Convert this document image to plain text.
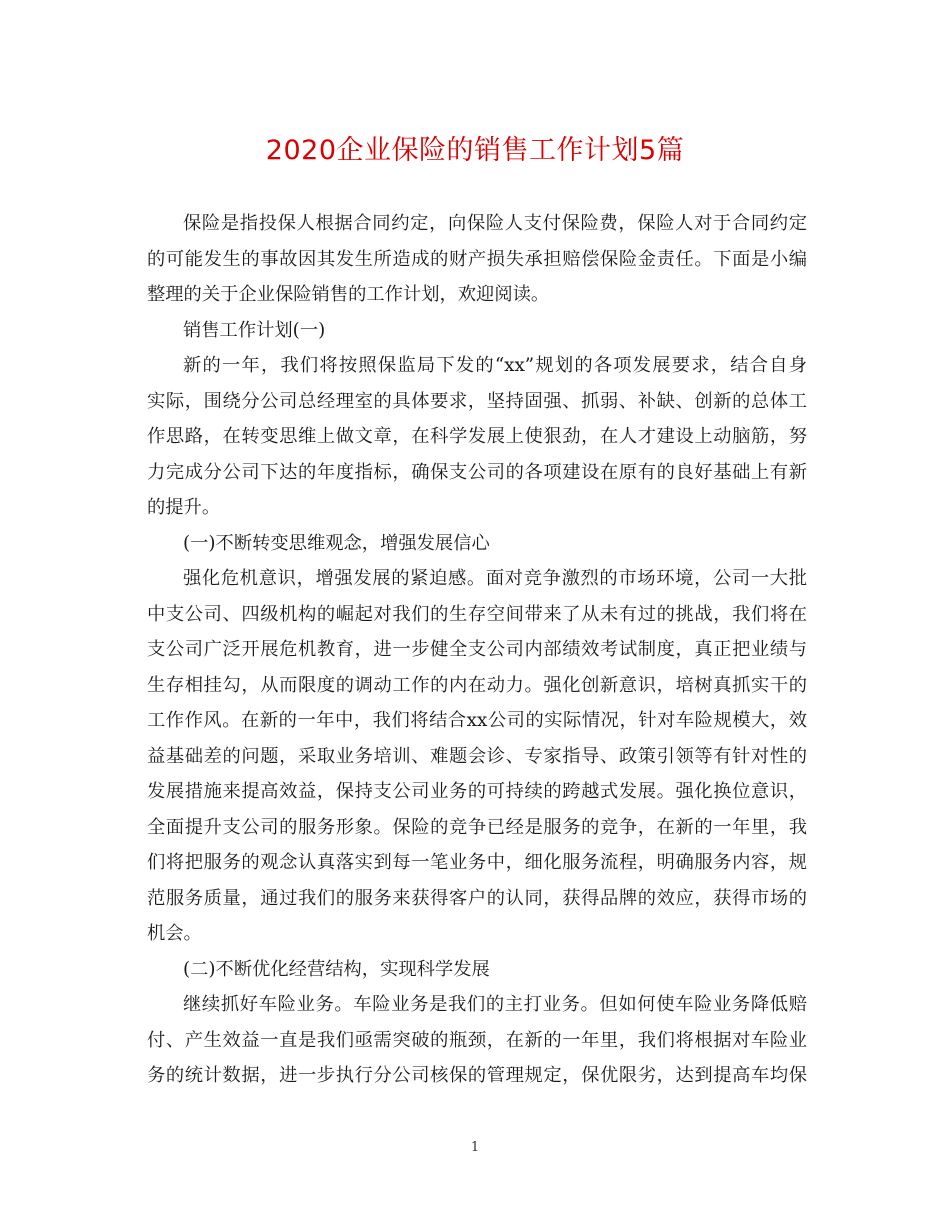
2020企业保险的销售工作计划5篇
保险是指投保人根据合同约定，向保险人支付保险费，保险人对于合同约定
的可能发生的事故因其发生所造成的财产损失承担赔偿保险金责任。下面是小编
整理的关于企业保险销售的工作计划，欢迎阅读。
销售工作计划(一)
新的一年，我们将按照保监局下发的“xx”规划的各项发展要求，结合自身
实际，围绕分公司总经理室的具体要求，坚持固强、抓弱、补缺、创新的总体工
作思路，在转变思维上做文章，在科学发展上使狠劲，在人才建设上动脑筋，努
力完成分公司下达的年度指标，确保支公司的各项建设在原有的良好基础上有新
的提升。
(一)不断转变思维观念，增强发展信心
强化危机意识，增强发展的紧迫感。面对竞争激烈的市场环境，公司一大批
中支公司、四级机构的崛起对我们的生存空间带来了从未有过的挑战，我们将在
支公司广泛开展危机教育，进一步健全支公司内部绩效考试制度，真正把业绩与
生存相挂勾，从而限度的调动工作的内在动力。强化创新意识，培树真抓实干的
工作作风。在新的一年中，我们将结合xx公司的实际情况，针对车险规模大，效
益基础差的问题，采取业务培训、难题会诊、专家指导、政策引领等有针对性的
发展措施来提高效益，保持支公司业务的可持续的跨越式发展。强化换位意识，
全面提升支公司的服务形象。保险的竞争已经是服务的竞争，在新的一年里，我
们将把服务的观念认真落实到每一笔业务中，细化服务流程，明确服务内容，规
范服务质量，通过我们的服务来获得客户的认同，获得品牌的效应，获得市场的
机会。
(二)不断优化经营结构，实现科学发展
继续抓好车险业务。车险业务是我们的主打业务。但如何使车险业务降低赔
付、产生效益一直是我们亟需突破的瓶颈，在新的一年里，我们将根据对车险业
务的统计数据，进一步执行分公司核保的管理规定，保优限劣，达到提高车均保
1
